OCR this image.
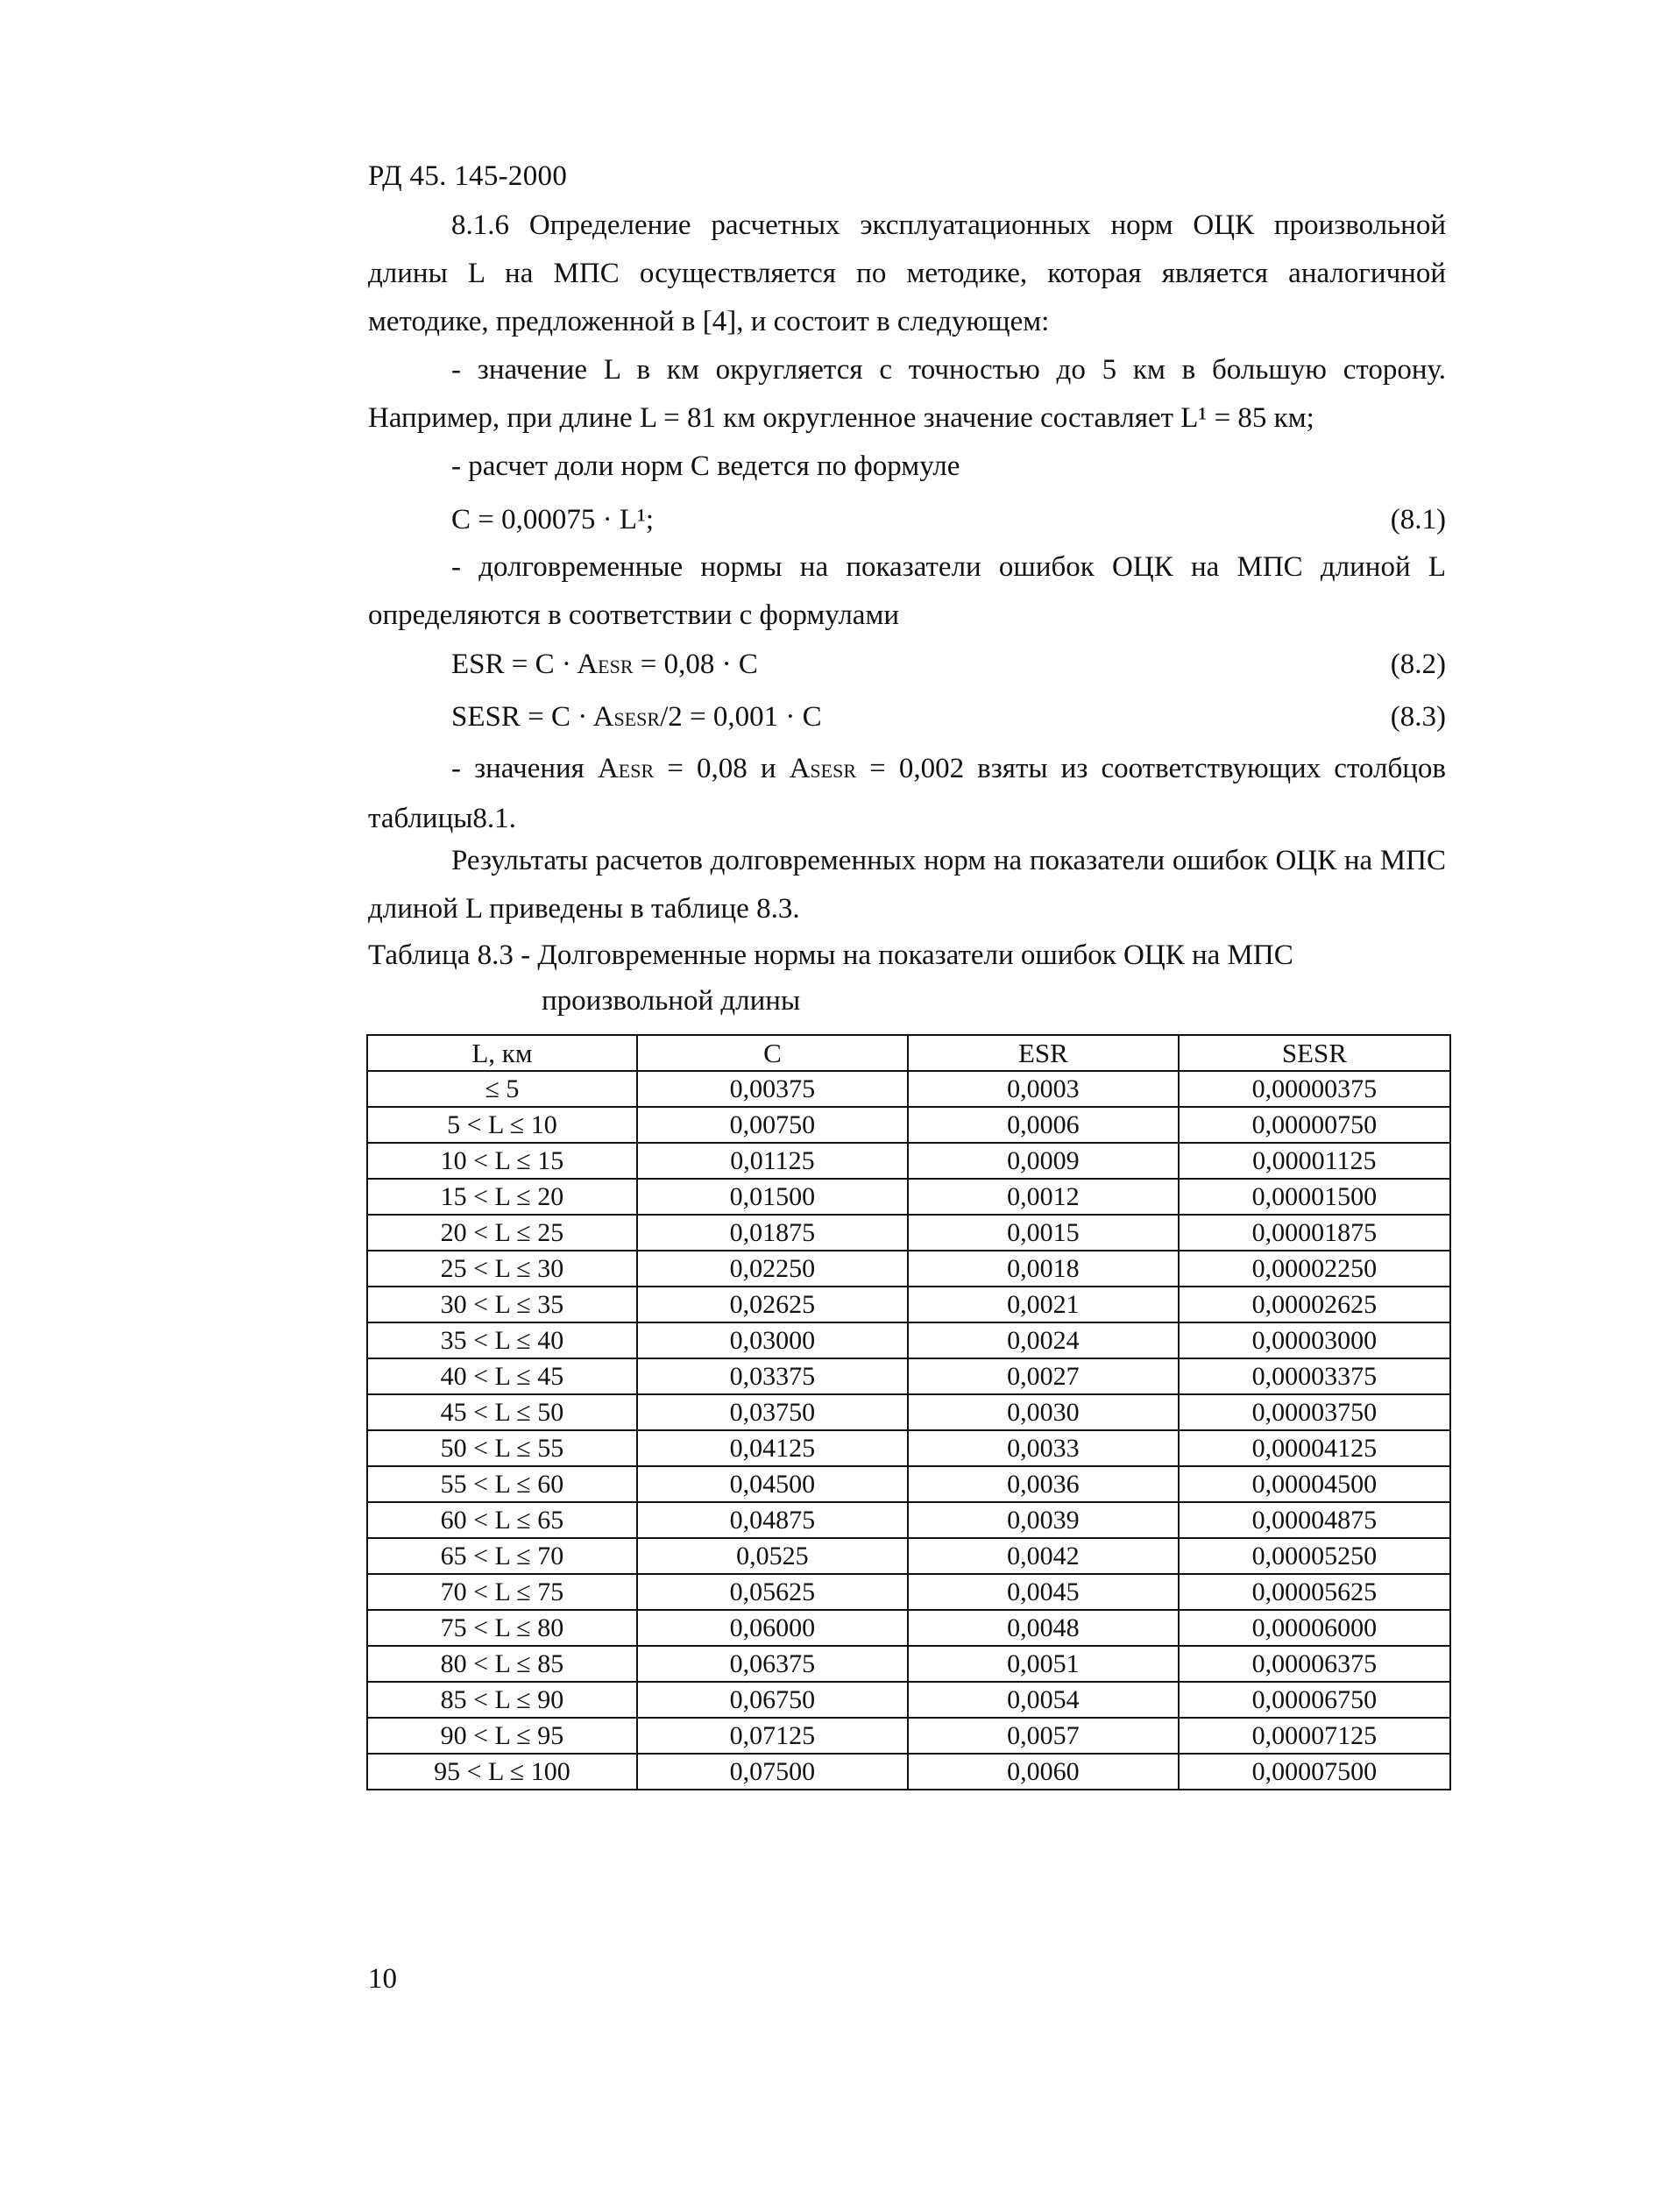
РД 45. 145-2000

8.1.6 Определение расчетных эксплуатационных норм ОЦК произвольной длины L на МПС осуществляется по методике, которая является аналогичной методике, предложенной в [4], и состоит в следующем:

- значение L в км округляется с точностью до 5 км в большую сторону. Например, при длине L = 81 км округленное значение составляет L¹ = 85 км;

- расчет доли норм С ведется по формуле

С = 0,00075 · L¹;	(8.1)

- долговременные нормы на показатели ошибок ОЦК на МПС длиной L определяются в соответствии с формулами

ESR = C · AESR = 0,08 · C	(8.2)
SESR = C · ASESR/2 = 0,001 · C	(8.3)

- значения AESR = 0,08 и ASESR = 0,002 взяты из соответствующих столбцов таблицы8.1.

Результаты расчетов долговременных норм на показатели ошибок ОЦК на МПС длиной L приведены в таблице 8.3.

Таблица 8.3 - Долговременные нормы на показатели ошибок ОЦК на МПС
произвольной длины
L, км	С	ESR	SESR
≤ 5	0,00375	0,0003	0,00000375
5 < L ≤ 10	0,00750	0,0006	0,00000750
10 < L ≤ 15	0,01125	0,0009	0,00001125
15 < L ≤ 20	0,01500	0,0012	0,00001500
20 < L ≤ 25	0,01875	0,0015	0,00001875
25 < L ≤ 30	0,02250	0,0018	0,00002250
30 < L ≤ 35	0,02625	0,0021	0,00002625
35 < L ≤ 40	0,03000	0,0024	0,00003000
40 < L ≤ 45	0,03375	0,0027	0,00003375
45 < L ≤ 50	0,03750	0,0030	0,00003750
50 < L ≤ 55	0,04125	0,0033	0,00004125
55 < L ≤ 60	0,04500	0,0036	0,00004500
60 < L ≤ 65	0,04875	0,0039	0,00004875
65 < L ≤ 70	0,0525	0,0042	0,00005250
70 < L ≤ 75	0,05625	0,0045	0,00005625
75 < L ≤ 80	0,06000	0,0048	0,00006000
80 < L ≤ 85	0,06375	0,0051	0,00006375
85 < L ≤ 90	0,06750	0,0054	0,00006750
90 < L ≤ 95	0,07125	0,0057	0,00007125
95 < L ≤ 100	0,07500	0,0060	0,00007500
10
